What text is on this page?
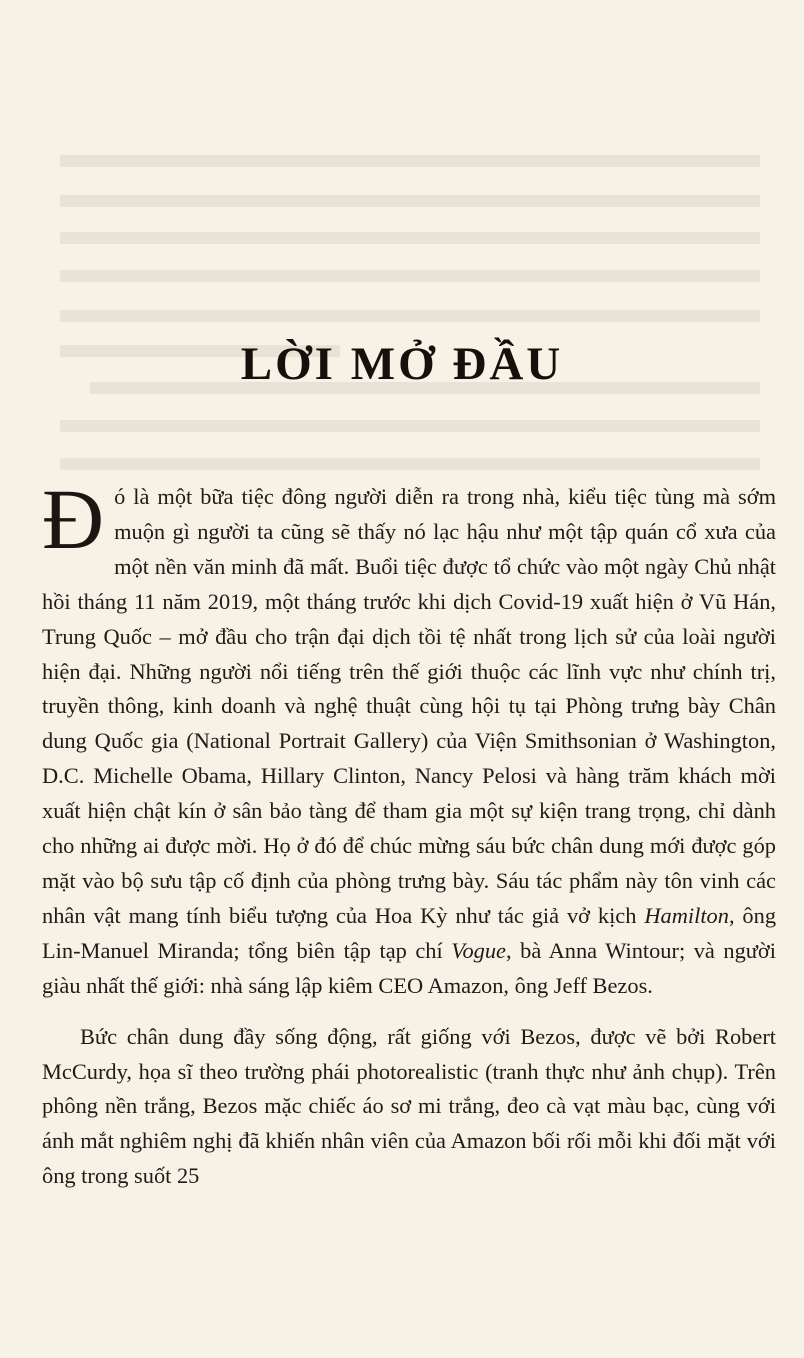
LỜI MỞ ĐẦU

Đó là một bữa tiệc đông người diễn ra trong nhà, kiểu tiệc tùng mà sớm muộn gì người ta cũng sẽ thấy nó lạc hậu như một tập quán cổ xưa của một nền văn minh đã mất. Buổi tiệc được tổ chức vào một ngày Chủ nhật hồi tháng 11 năm 2019, một tháng trước khi dịch Covid-19 xuất hiện ở Vũ Hán, Trung Quốc – mở đầu cho trận đại dịch tồi tệ nhất trong lịch sử của loài người hiện đại. Những người nổi tiếng trên thế giới thuộc các lĩnh vực như chính trị, truyền thông, kinh doanh và nghệ thuật cùng hội tụ tại Phòng trưng bày Chân dung Quốc gia (National Portrait Gallery) của Viện Smithsonian ở Washington, D.C. Michelle Obama, Hillary Clinton, Nancy Pelosi và hàng trăm khách mời xuất hiện chật kín ở sân bảo tàng để tham gia một sự kiện trang trọng, chỉ dành cho những ai được mời. Họ ở đó để chúc mừng sáu bức chân dung mới được góp mặt vào bộ sưu tập cố định của phòng trưng bày. Sáu tác phẩm này tôn vinh các nhân vật mang tính biểu tượng của Hoa Kỳ như tác giả vở kịch Hamilton, ông Lin-Manuel Miranda; tổng biên tập tạp chí Vogue, bà Anna Wintour; và người giàu nhất thế giới: nhà sáng lập kiêm CEO Amazon, ông Jeff Bezos.

Bức chân dung đầy sống động, rất giống với Bezos, được vẽ bởi Robert McCurdy, họa sĩ theo trường phái photorealistic (tranh thực như ảnh chụp). Trên phông nền trắng, Bezos mặc chiếc áo sơ mi trắng, đeo cà vạt màu bạc, cùng với ánh mắt nghiêm nghị đã khiến nhân viên của Amazon bối rối mỗi khi đối mặt với ông trong suốt 25
